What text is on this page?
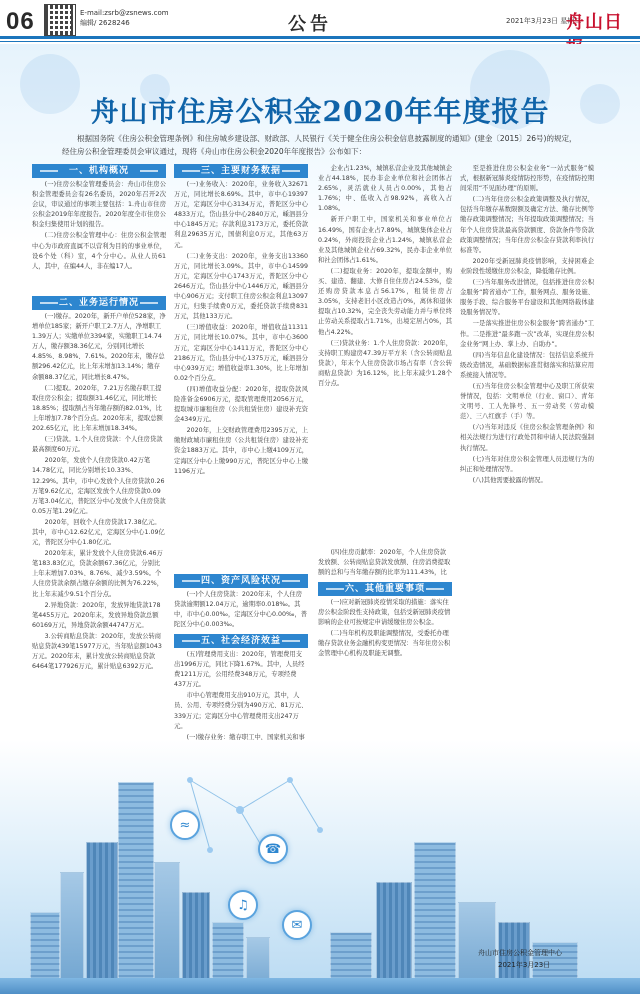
06	E-mail:zsrb@zsnews.com
编辑/ 2628246	公告	2021年3月23日 星期二
舟山日
舟山市住房公积金2020年年度报告
根据国务院《住房公积金管理条例》和住房城乡建设部、财政部、人民银行《关于健全住房公积金信息披露制度的通知》(建金〔2015〕26号)的规定，经住房公积金管理委员会审议通过，现将《舟山市住房公积金2020年年度报告》公布如下：
一、机构概况

(一)住房公积金管理委员会：舟山市住房公积金管理委员会有26名委员，2020年召开2次会议，审议通过的事项主要包括：1.舟山市住房公积金2019年年度报告。2020年度全市住房公积金归集使用计划的报告。

(二)住房公积金管理中心：住房公积金管理中心为市政府直属不以营利为目的的事业单位，设6个处（科）室，4个分中心。从业人员61人，其中，在编44人，非在编17人。

二、业务运行情况

(一)缴存。2020年，新开户单位528家，净增单位185家；新开户职工2.7万人，净增职工1.39万人；实缴单位3394家，实缴职工14.74万人，缴存额38.36亿元，分别同比增长4.85%、8.98%、7.61%。2020年末，缴存总额296.42亿元，比上年末增加13.14%；缴存余额88.37亿元，同比增长8.47%。

(二)提取。2020年，7.21万名缴存职工提取住房公积金；提取额31.46亿元，同比增长18.85%；提取额占当年缴存额的82.01%，比上年增加7.78个百分点。2020年末，提取总额202.65亿元，比上年末增加18.34%。

(三)贷款。1.个人住房贷款：个人住房贷款最高额度60万元。

2020年，发放个人住房贷款0.42万笔14.78亿元，同比分别增长10.33%、12.29%。其中，市中心发放个人住房贷款0.26万笔9.62亿元，定海区发放个人住房贷款0.09万笔3.04亿元，普陀区分中心发放个人住房贷款0.05万笔1.29亿元。

2020年，回收个人住房贷款17.38亿元。其中，市中心12.62亿元，定海区分中心1.09亿元，普陀区分中心1.80亿元。

2020年末，累计发放个人住房贷款6.46万笔183.83亿元，贷款余额67.36亿元，分别比上年末增加7.03%、8.76%、减少3.59%。个人住房贷款余额占缴存余额的比例为76.22%，比上年末减少9.51个百分点。

2.异地贷款：2020年，发放异地贷款178笔4455万元。2020年末，发放异地贷款总额60169万元，异地贷款余额44747万元。

3.公转商贴息贷款：2020年，发放公转商贴息贷款439笔15977万元，当年贴息额1043万元。2020年末，累计发放公转商贴息贷款6464笔177926万元，累计贴息6392万元。

三、主要财务数据

(一)业务收入：2020年，业务收入32671万元，同比增长8.69%。其中，市中心19397万元，定海区分中心3134万元，普陀区分中心4833万元，岱山县分中心2840万元，嵊泗县分中心1845万元；存款利息3173万元，委托贷款利息29635万元，国债利息0万元，其他63万元。

(二)业务支出：2020年，业务支出13360万元，同比增长3.09%。其中，市中心14599万元，定海区分中心1743万元，普陀区分中心2646万元，岱山县分中心1446万元，嵊泗县分中心906万元；支付职工住房公积金利息13097万元，归集手续费0万元，委托贷款手续费831万元，其他133万元。

(三)增值收益：2020年，增值收益11311万元，同比增长10.07%。其中，市中心3600万元，定海区分中心1411万元，普陀区分中心2186万元，岱山县分中心1375万元，嵊泗县分中心939万元；增值收益率1.30%，比上年增加0.02个百分点。

(四)增值收益分配：2020年，提取贷款风险准备金6906万元，提取管理费用2056万元，提取城市廉租住房（公共租赁住房）建设补充资金4349万元。

2020年，上交财政管理费用2395万元，上缴财政城市廉租住房（公共租赁住房）建设补充资金1883万元。其中，市中心上缴4109万元，定海区分中心上缴990万元，普陀区分中心上缴1196万元。

四、资产风险状况

(一)个人住房贷款：2020年末，个人住房贷款逾期额12.04万元，逾期率0.018‰。其中，市中心0.00‰，定海区分中心0.00‰，普陀区分中心0.003‰。

五、社会经济效益

(五)管理费用支出：2020年，管理费用支出1996万元，同比下降1.67%。其中，人员经费1211万元，公用经费348万元，专项经费437万元。

市中心管理费用支出910万元，其中，人员、公用、专项经费分别为490万元、81万元、339万元；定海区分中心管理费用支出247万元。

(一)缴存业务：缴存职工中，国家机关和事

企业占1.23%，城镇私营企业及其他城镇企业占44.18%，民办非企业单位和社会团体占2.65%，灵活就业人员占0.00%，其他占1.76%；中、低收入占98.92%，高收入占1.08%。

新开户职工中，国家机关和事业单位占16.49%，国有企业占7.89%，城镇集体企业占0.24%，外商投资企业占1.24%，城镇私营企业及其他城镇企业占69.32%，民办非企业单位和社会团体占1.61%。

(二)提取业务：2020年，提取金额中，购买、建造、翻建、大修自住住房占24.53%，偿还购房贷款本息占56.17%，租赁住房占3.05%，支持老旧小区改造占0%，离休和退休提取占10.32%，完全丧失劳动能力并与单位终止劳动关系提取占1.71%，出境定居占0%，其他占4.22%。

(三)贷款业务：1.个人住房贷款：2020年，支持职工购建房47.39万平方米（含公转商贴息贷款），年末个人住房贷款市场占有率（含公转商贴息贷款）为16.12%，比上年末减少1.28个百分点。

(四)住房贡献率：2020年，个人住房贷款发放额、公转商贴息贷款发放额、住房消费提取额的总和与当年缴存额的比率为111.43%，比

六、其他重要事项

(一)应对新冠肺炎疫情采取的措施：落实住房公积金阶段性支持政策，包括受新冠肺炎疫情影响的企业可按规定申请缓缴住房公积金。

(二)当年机构及职能调整情况，受委托办理缴存贷款业务金融机构变更情况：当年住房公积金管理中心机构及职能无调整。

至是推进住房公积金业务“一站式服务”模式，根据新冠肺炎疫情防控形势，在疫情防控期间采用“不见面办理”的原则。

(二)当年住房公积金政策调整及执行情况，包括当年缴存基数限额及确定方法、缴存比例等缴存政策调整情况；当年提取政策调整情况；当年个人住房贷款最高贷款额度、贷款条件等贷款政策调整情况；当年住房公积金存贷款利率执行标准等。

2020年受新冠肺炎疫情影响，支持困难企业阶段性缓缴住房公积金，降低缴存比例。

(三)当年服务改进情况，包括推进住房公积金服务“跨省通办”工作，服务网点、服务设施、服务手段、综合服务平台建设和其他网络载体建设服务情况等。

一是落实推进住房公积金服务“跨省通办”工作。二是推进“最多跑一次”改革，实现住房公积金业务“网上办、掌上办、自助办”。

(四)当年信息化建设情况：包括信息系统升级改造情况，基础数据标准贯彻落实和结算应用系统接入情况等。

(五)当年住房公积金管理中心及职工所获荣誉情况，包括：文明单位（行业、窗口）、青年文明号、工人先锋号、五一劳动奖（劳动模范）、三八红旗手（手）等。

(六)当年对违反《住房公积金管理条例》和相关法规行为进行行政处罚和申请人民法院强制执行情况。

(七)当年对住房公积金管理人员违规行为的纠正和处理情况等。

(八)其他需要披露的情况。

≈
♫
☎
✉
舟山市住房公积金管理中心
2021年3月23日
